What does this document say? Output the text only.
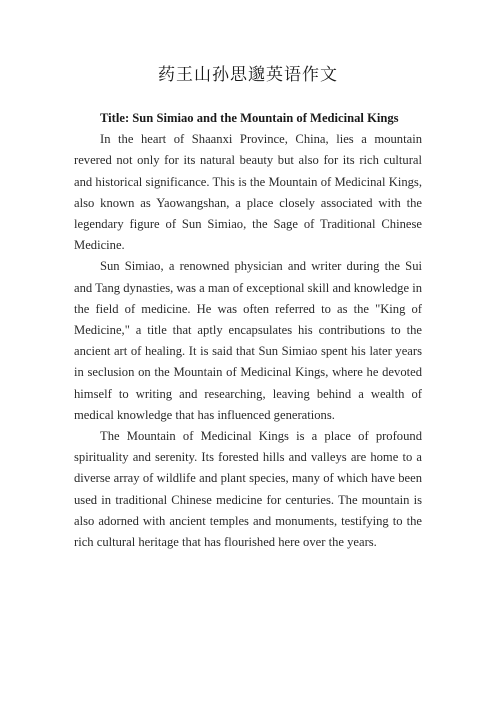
药王山孙思邈英语作文

Title: Sun Simiao and the Mountain of Medicinal Kings

In the heart of Shaanxi Province, China, lies a mountain revered not only for its natural beauty but also for its rich cultural and historical significance. This is the Mountain of Medicinal Kings, also known as Yaowangshan, a place closely associated with the legendary figure of Sun Simiao, the Sage of Traditional Chinese Medicine.

Sun Simiao, a renowned physician and writer during the Sui and Tang dynasties, was a man of exceptional skill and knowledge in the field of medicine. He was often referred to as the "King of Medicine," a title that aptly encapsulates his contributions to the ancient art of healing. It is said that Sun Simiao spent his later years in seclusion on the Mountain of Medicinal Kings, where he devoted himself to writing and researching, leaving behind a wealth of medical knowledge that has influenced generations.

The Mountain of Medicinal Kings is a place of profound spirituality and serenity. Its forested hills and valleys are home to a diverse array of wildlife and plant species, many of which have been used in traditional Chinese medicine for centuries. The mountain is also adorned with ancient temples and monuments, testifying to the rich cultural heritage that has flourished here over the years.
